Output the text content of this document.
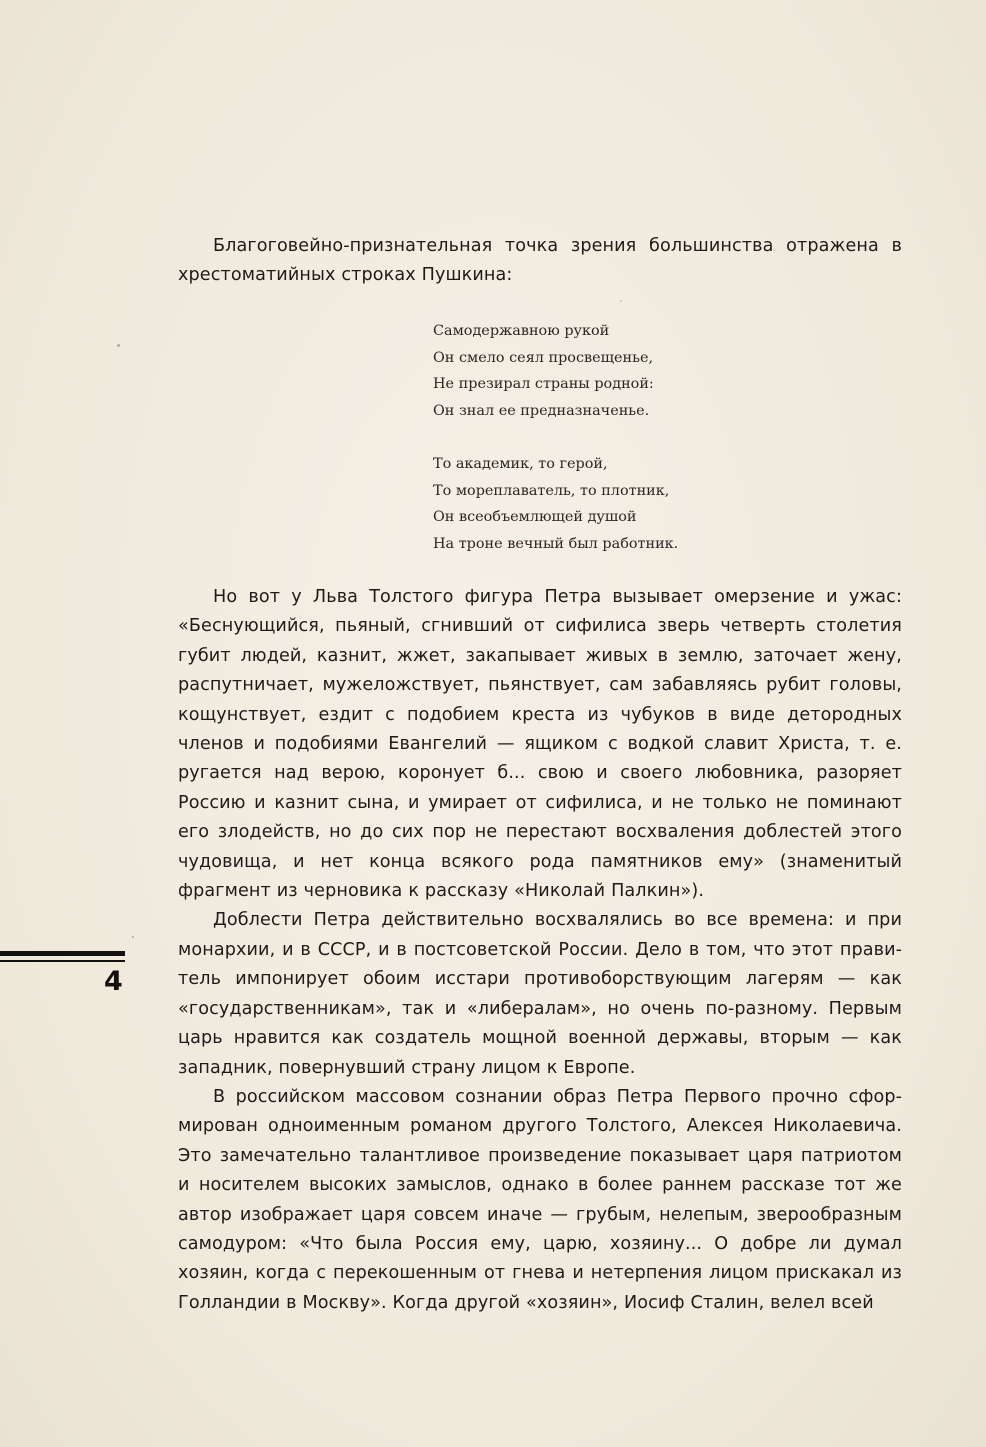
Благоговейно-признательная точка зрения большинства отражена в хрестоматийных строках Пушкина:

Самодержавною рукой
Он смело сеял просвещенье,
Не презирал страны родной:
Он знал ее предназначенье.
То академик, то герой,
То мореплаватель, то плотник,
Он всеобъемлющей душой
На троне вечный был работник.

Но вот у Льва Толстого фигура Петра вызывает омерзение и ужас: «Беснующийся, пьяный, сгнивший от сифилиса зверь четверть столетия губит людей, казнит, жжет, закапывает живых в землю, заточает жену, распутничает, мужеложствует, пьянствует, сам забавляясь рубит головы, кощунствует, ездит с подобием креста из чубуков в виде детородных членов и подобиями Евангелий — ящиком с водкой славит Христа, т. е. ругается над верою, коронует б... свою и своего любовника, разоряет Россию и казнит сына, и умирает от сифилиса, и не только не поминают его злодейств, но до сих пор не перестают восхваления доблестей этого чудовища, и нет конца всякого рода памятников ему» (знаменитый фрагмент из черновика к рассказу «Николай Палкин»).

Доблести Петра действительно восхвалялись во все времена: и при монархии, и в СССР, и в постсоветской России. Дело в том, что этот правитель импонирует обоим исстари противоборствующим лагерям — как «государственникам», так и «либералам», но очень по-разному. Первым царь нравится как создатель мощной военной державы, вторым — как западник, повернувший страну лицом к Европе.

В российском массовом сознании образ Петра Первого прочно сформирован одноименным романом другого Толстого, Алексея Николаевича. Это замечательно талантливое произведение показывает царя патриотом и носителем высоких замыслов, однако в более раннем рассказе тот же автор изображает царя совсем иначе — грубым, нелепым, зверообразным самодуром: «Что была Россия ему, царю, хозяину... О добре ли думал хозяин, когда с перекошенным от гнева и нетерпения лицом прискакал из Голландии в Москву». Когда другой «хозяин», Иосиф Сталин, велел всей

4
